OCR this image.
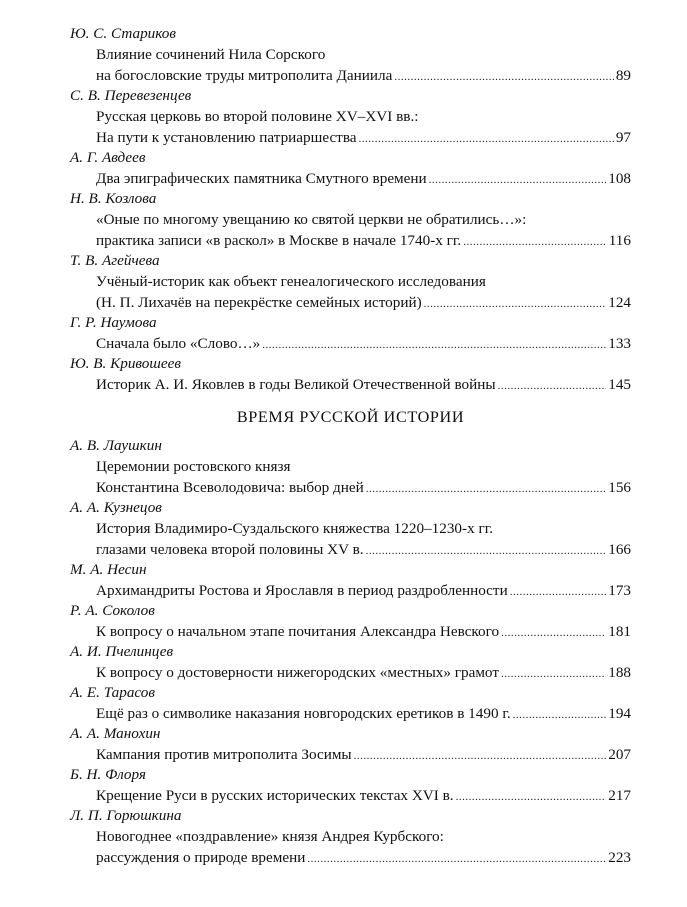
Ю. С. Стариков
Влияние сочинений Нила Сорского
на богословские труды митрополита Даниила .....	89
С. В. Перевезенцев
Русская церковь во второй половине XV–XVI вв.:
На пути к установлению патриаршества .....	97
А. Г. Авдеев
Два эпиграфических памятника Смутного времени .....	108
Н. В. Козлова
«Оные по многому увещанию ко святой церкви не обратились…»:
практика записи «в раскол» в Москве в начале 1740-х гг. .....	116
Т. В. Агейчева
Учёный-историк как объект генеалогического исследования
(Н. П. Лихачёв на перекрёстке семейных историй) .....	124
Г. Р. Наумова
Сначала было «Слово…» .....	133
Ю. В. Кривошеев
Историк А. И. Яковлев в годы Великой Отечественной войны .....	145
ВРЕМЯ РУССКОЙ ИСТОРИИ
А. В. Лаушкин
Церемонии ростовского князя
Константина Всеволодовича: выбор дней .....	156
А. А. Кузнецов
История Владимиро-Суздальского княжества 1220–1230-х гг.
глазами человека второй половины XV в. .....	166
М. А. Несин
Архимандриты Ростова и Ярославля в период раздробленности .....	173
Р. А. Соколов
К вопросу о начальном этапе почитания Александра Невского .....	181
А. И. Пчелинцев
К вопросу о достоверности нижегородских «местных» грамот .....	188
А. Е. Тарасов
Ещё раз о символике наказания новгородских еретиков в 1490 г. .....	194
А. А. Манохин
Кампания против митрополита Зосимы .....	207
Б. Н. Флоря
Крещение Руси в русских исторических текстах XVI в. .....	217
Л. П. Горюшкина
Новогоднее «поздравление» князя Андрея Курбского:
рассуждения о природе времени .....	223
